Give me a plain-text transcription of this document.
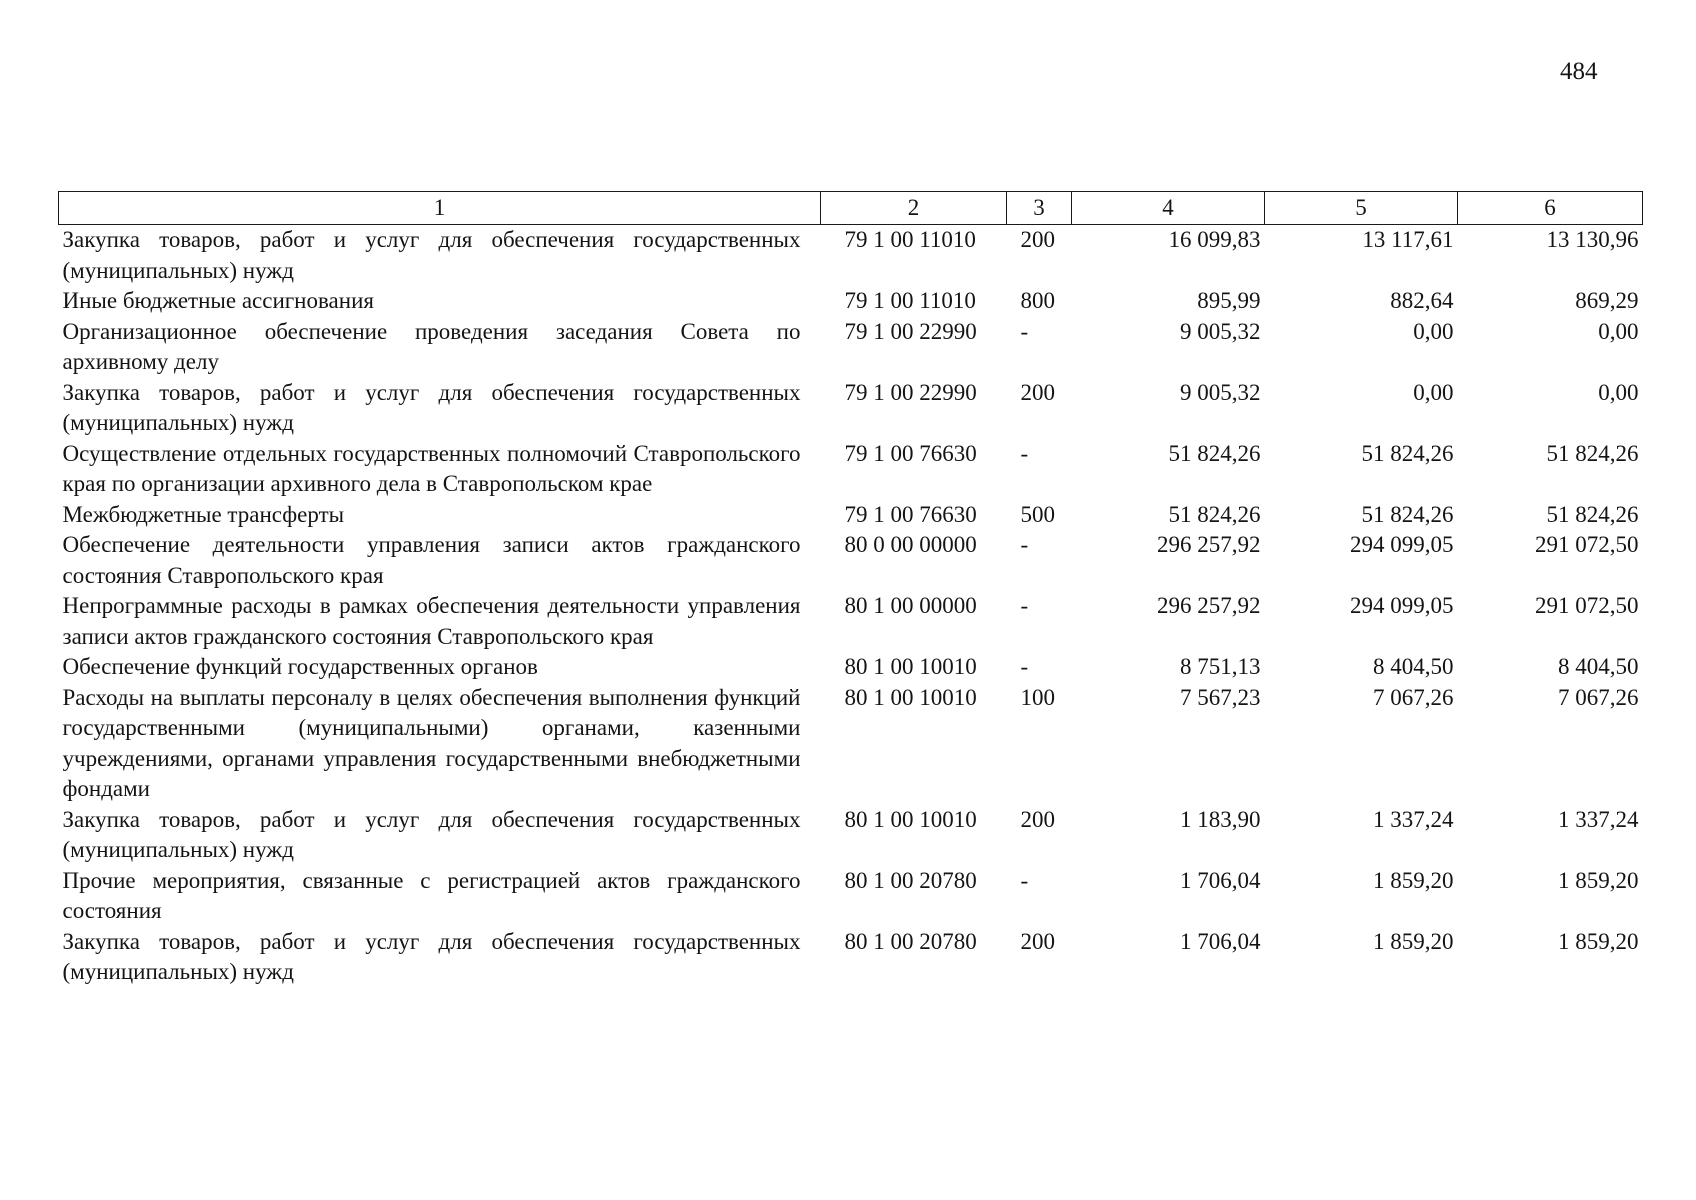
484
1	2	3	4	5	6
Закупка товаров, работ и услуг для обеспечения государственных (муниципальных) нужд	79 1 00 11010	200	16 099,83	13 117,61	13 130,96
Иные бюджетные ассигнования	79 1 00 11010	800	895,99	882,64	869,29
Организационное обеспечение проведения заседания Совета по архивному делу	79 1 00 22990	-	9 005,32	0,00	0,00
Закупка товаров, работ и услуг для обеспечения государственных (муниципальных) нужд	79 1 00 22990	200	9 005,32	0,00	0,00
Осуществление отдельных государственных полномочий Ставропольского края по организации архивного дела в Ставропольском крае	79 1 00 76630	-	51 824,26	51 824,26	51 824,26
Межбюджетные трансферты	79 1 00 76630	500	51 824,26	51 824,26	51 824,26
Обеспечение деятельности управления записи актов гражданского состояния Ставропольского края	80 0 00 00000	-	296 257,92	294 099,05	291 072,50
Непрограммные расходы в рамках обеспечения деятельности управления записи актов гражданского состояния Ставропольского края	80 1 00 00000	-	296 257,92	294 099,05	291 072,50
Обеспечение функций государственных органов	80 1 00 10010	-	8 751,13	8 404,50	8 404,50
Расходы на выплаты персоналу в целях обеспечения выполнения функций государственными (муниципальными) органами, казенными учреждениями, органами управления государственными внебюджетными фондами	80 1 00 10010	100	7 567,23	7 067,26	7 067,26
Закупка товаров, работ и услуг для обеспечения государственных (муниципальных) нужд	80 1 00 10010	200	1 183,90	1 337,24	1 337,24
Прочие мероприятия, связанные с регистрацией актов гражданского состояния	80 1 00 20780	-	1 706,04	1 859,20	1 859,20
Закупка товаров, работ и услуг для обеспечения государственных (муниципальных) нужд	80 1 00 20780	200	1 706,04	1 859,20	1 859,20
